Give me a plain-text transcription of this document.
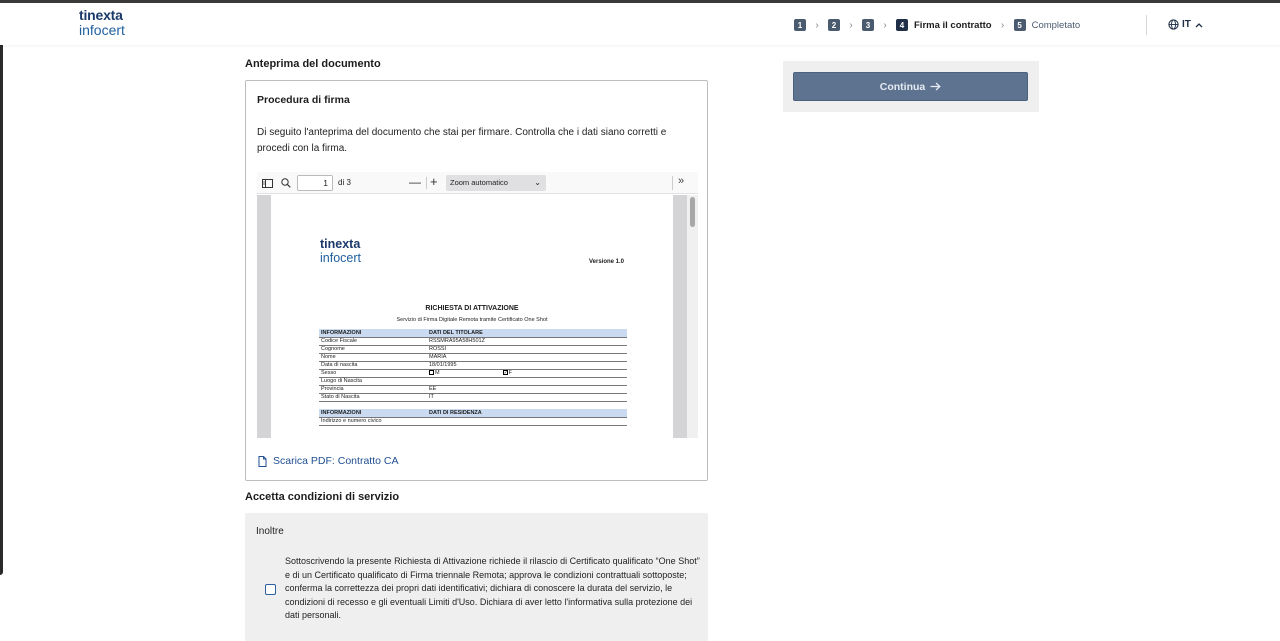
tinexta
infocert	1	›	2	›	3	›	4	Firma il contratto ›	5	Completato	IT
Anteprima del documento
Procedura di firma
Di seguito l'anteprima del documento che stai per firmare. Controlla che i dati siano corretti e procedi con la firma.
1	di 3	— +	Zoom automatico	⌄	»
tinexta
infocert	Versione 1.0
RICHIESTA DI ATTIVAZIONE
Servizio di Firma Digitale Remota tramite Certificato One Shot
INFORMAZIONI	DATI DEL TITOLARE
Codice Fiscale	RSSMRA95A58H501Z
Cognome	ROSSI
Nome	MARIA
Data di nascita	18/01/1995
Sesso	M ✓F
Luogo di Nascita	
Provincia	EE
Stato di Nascita	IT

INFORMAZIONI	DATI DI RESIDENZA
Indirizzo e numero civico	
Scarica PDF: Contratto CA
Accetta condizioni di servizio
Inoltre
Sottoscrivendo la presente Richiesta di Attivazione richiede il rilascio di Certificato qualificato “One Shot” e di un Certificato qualificato di Firma triennale Remota; approva le condizioni contrattuali sottoposte; conferma la correttezza dei propri dati identificativi; dichiara di conoscere la durata del servizio, le condizioni di recesso e gli eventuali Limiti d'Uso. Dichiara di aver letto l'informativa sulla protezione dei dati personali.
Continua
